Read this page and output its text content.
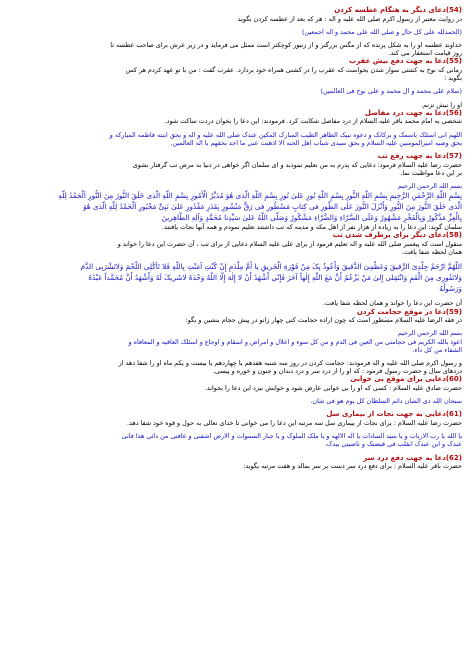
(54)دعای دیگر به هنگام عطسه کردن
در روایت معتبر از رسول اکرم صلی الله علیه و اله : هر که بعد از عطسه کردن بگوید
(الحمدلله علی کل حال و صلی الله علی محمد و اله اجمعین)
خداوند عطسه او را به شکل پرنده که از مگس بزرگتر و از زنبور کوچکتر است ممثل می فرماید و در زیر عرش برای صاحب عطسه تا
روز قیامت استغفار می کند.
(55)دعا به جهت دفع نیش عقرب
زمانی که نوح به کشتی سوار شدن بخواست که عقرب را در کشتی همراه خود بردارد. عقرب گفت : من با تو عهد کردم هر کس
بگوید :
(سلام علی محمد و ال محمد و علی نوح فی العالمین)
او را نیش نزنم.
(56)دعا به جهت درد مفاصل
شخصی به امام محمد باقر علیه السلام از درد مفاصل شکایت کرد. فرمودند: این دعا را بخوان دردت ساکت شود.
اللهم انی اسئلک باسمک و برکاتک و دعوه نبیک الطاهر الطیب المبارک المکین عندک صلی الله علیه و اله و بحق ابنته فاطمه المبارکه و
بحق وصیه امیرالمومنین علیه السلام و بحق سیدی شباب اهل الجنه الا اذهبت عنی ما اجد بحقهم یا اله العالمین.
(57)دعا به جهت رفع تب
حضرت رضا علیه السلام فرمود: دعایی که پدرم به من تعلیم نمودند و ای سلمان اگر خواهی در دنیا به مرض تب گرفتار نشوی
بر این دعا مواظبت نما.
بسم الله الرحمن الرحیم
بِسْمِ اللَّهِ الرَّحْمٰنِ الرَّحِیمِ بِسْمِ اللَّهِ النُّورِ بِسْمِ اللَّهِ نُورٍ عَلیٰ نُورٍ بِسْمِ اللَّهِ الَّذی هُوَ مُدَبِّرُ الْأُمُورِ بِسْمِ اللَّهِ الَّذی خَلَقَ النُّورَ مِنَ النُّورِ اَلْحَمْدُ لِلَّهِ
الَّذی خَلَقَ النُّورَ مِنَ النُّورِ وَأَنْزَلَ النُّورَ عَلَی الطُّورِ فی کِتابٍ مَسْطُورٍ فی رَقٍّ مَنْشُورٍ بِقَدَرٍ مَقْدُورٍ عَلیٰ نَبِیٍّ مَحْبُورٍ اَلْحَمْدُ لِلَّهِ الَّذی هُوَ
بِالْعِزِّ مَذْکُورٌ وَبِالْفَخْرِ مَشْهُورٌ وَعَلَی السَّرّاءِ وَالضَّرّاءِ مَشْکُورٌ وَصَلَّی اللَّهُ عَلیٰ سَیِّدِنا مُحَمَّدٍ وَآلِهِ الطّاهِرینَ
سلمان گوید: این دعا را به زیاده از هزار نفر از اهل مکه و مدینه که تب داشتند تعلیم نمودم و همه آنها نجات یافتند.
(58)دعای دیگر برای برطرف شدن تب
منقول است که پیغمبر صلی الله علیه و اله تعلیم فرمود از برای علی علیه السلام دعایی از برای تب ، آن حضرت این دعا را خواند و
همان لحظه شفا یافت.
اللَّهُمَّ ارْحَمْ جِلْدِیَ الرَّقیقَ وَعَظْمِیَ الدَّقیقَ وَأَعُوذُ بِکَ مِنْ فَوْرَةِ الْحَریقِ یا أُمَّ مِلْدَمٍ إِنْ کُنْتِ آمَنْتِ بِاللَّهِ فَلا تَأْکُلِی اللَّحْمَ وَلاتَشْرَبِی الدَّمَ
وَلاتَفُورِی مِنَ الْفَمِ وَانْتَقِلی إِلیٰ مَنْ یَزْعُمُ أَنَّ مَعَ اللَّهِ إِلٰهاً آخَرَ فَإِنّی أَشْهَدُ أَنْ لا إِلٰهَ إِلَّا اللَّهُ وَحْدَهُ لاشَریکَ لَهُ وَأَشْهَدُ أَنَّ مُحَمَّداً عَبْدُهُ
وَرَسُولُهُ
آن حضرت این دعا را خواند و همان لحظه شفا یافت.
(59)دعا در موقع حجامت کردن
در فقه الرضا علیه السلام مسطور است که چون اراده حجامت کنی چهار زانو در پیش حجام بنشین و بگو:
بسم الله الرحمن الرحیم
اعوذ بالله الکریم فی حجامتی من العین فی الدم و من کل سوء و اعلال و امراض و اسقام و اوجاع و اسئلک العافیه و المعافاه و
الشفاء من کل داء.
و رسول اکرم صلی الله علیه و اله فرمودند: حجامت کردن در روز سه شنبه هفدهم یا چهاردهم یا بیست و یکم ماه او را شفا دهد از
دردهای سال و حضرت رسول فرمود : که او را از درد سر و درد دندان و جنون و خوره و پیسی.
(60)دعایی برای موقع بی خوابی
حضرت صادق علیه السلام : کسی که او را بی خوابی عارض شود و خوابش نبرد این دعا را بخواند.
سبحان الله ذی الشان دائم السلطان کل یوم هو فی شان.
(61)دعایی به جهت نجات از بیماری سل
حضرت رضا علیه السلام : برای نجات از بیماری سل سه مرتبه این دعا را می خوانی تا خدای تعالی به حول و قوه خود شفا دهد.
یا الله یا رب الارباب و یا سید السادات یا اله الالهه و یا ملک الملوک و یا جبار السموات و الارض اشفنی و عافنی من دائی هذا فانی
عبدک و ابن عبدک انقلب فی قبضتک و ناصیتی بیدک.
(62)دعا به جهت دفع درد سر
حضرت باقر علیه السلام : برای دفع درد سر دست بر سر بمالد و هفت مرتبه بگوید:
